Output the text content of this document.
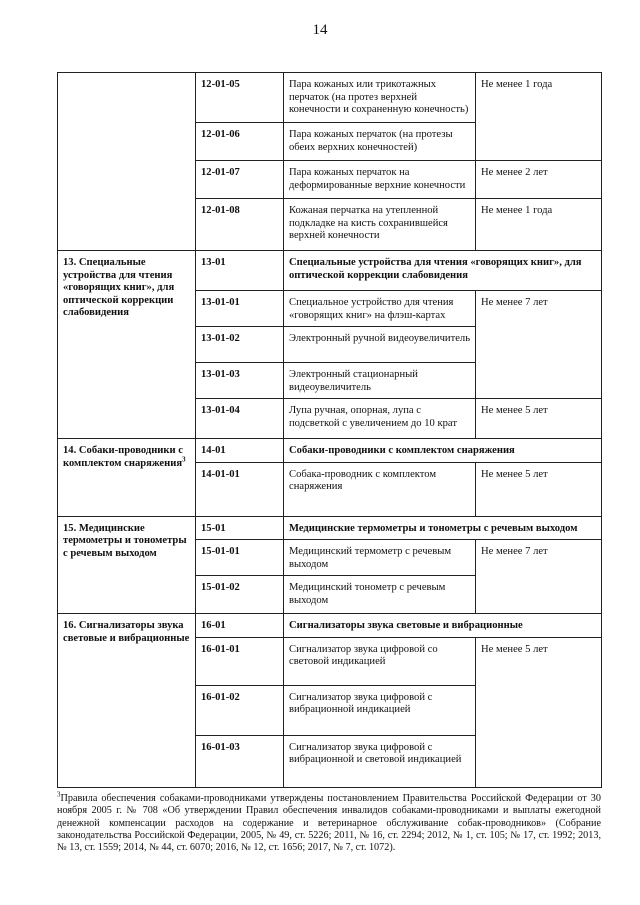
14
	12-01-05	Пара кожаных или трикотажных перчаток (на протез верхней конечности и сохраненную конечность)	Не менее 1 года
	12-01-06	Пара кожаных перчаток (на протезы обеих верхних конечностей)	
	12-01-07	Пара кожаных перчаток на деформированные верхние конечности	Не менее 2 лет
	12-01-08	Кожаная перчатка на утепленной подкладке на кисть сохранившейся верхней конечности	Не менее 1 года
13. Специальные устройства для чтения «говорящих книг», для оптической коррекции слабовидения	13-01	Специальные устройства для чтения «говорящих книг», для оптической коррекции слабовидения	
	13-01-01	Специальное устройство для чтения «говорящих книг» на флэш-картах	Не менее 7 лет
	13-01-02	Электронный ручной видеоувеличитель	
	13-01-03	Электронный стационарный видеоувеличитель	
	13-01-04	Лупа ручная, опорная, лупа с подсветкой с увеличением до 10 крат	Не менее 5 лет
14. Собаки-проводники с комплектом снаряжения$^3$	14-01	Собаки-проводники с комплектом снаряжения	
	14-01-01	Собака-проводник с комплектом снаряжения	Не менее 5 лет
15. Медицинские термометры и тонометры с речевым выходом	15-01	Медицинские термометры и тонометры с речевым выходом	
	15-01-01	Медицинский термометр с речевым выходом	Не менее 7 лет
	15-01-02	Медицинский тонометр с речевым выходом	
16. Сигнализаторы звука световые и вибрационные	16-01	Сигнализаторы звука световые и вибрационные	
	16-01-01	Сигнализатор звука цифровой со световой индикацией	Не менее 5 лет
	16-01-02	Сигнализатор звука цифровой с вибрационной индикацией	
	16-01-03	Сигнализатор звука цифровой с вибрационной и световой индикацией	
$^3$Правила обеспечения собаками-проводниками утверждены постановлением Правительства Российской Федерации от 30 ноября 2005 г. № 708 «Об утверждении Правил обеспечения инвалидов собаками-проводниками и выплаты ежегодной денежной компенсации расходов на содержание и ветеринарное обслуживание собак-проводников» (Собрание законодательства Российской Федерации, 2005, № 49, ст. 5226; 2011, № 16, ст. 2294; 2012, № 1, ст. 105; № 17, ст. 1992; 2013, № 13, ст. 1559; 2014, № 44, ст. 6070; 2016, № 12, ст. 1656; 2017, № 7, ст. 1072).
